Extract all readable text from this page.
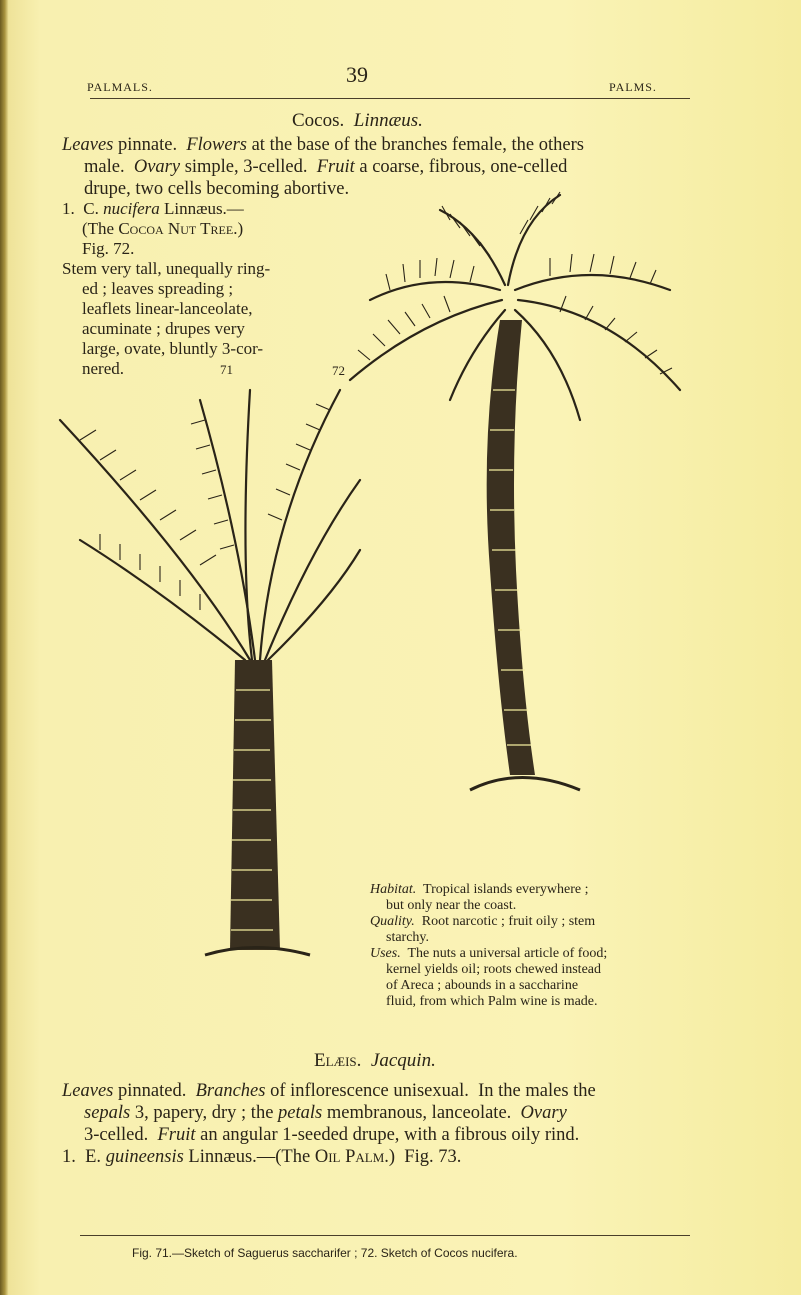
PALMALS.	39	PALMS.
Cocos. Linnæus.
Leaves pinnate.  Flowers at the base of the branches female, the others
male.  Ovary simple, 3-celled.  Fruit a coarse, fibrous, one-celled
drupe, two cells becoming abortive.
1.  C. nucifera Linnæus.—
(The Cocoa Nut Tree.)
Fig. 72.
Stem very tall, unequally ring-
ed ; leaves spreading ;
leaflets linear-lanceolate,
acuminate ; drupes very
large, ovate, bluntly 3-cor-
nered.	72
71
Habitat.  Tropical islands everywhere ;
but only near the coast.
Quality.  Root narcotic ; fruit oily ; stem
starchy.
Uses.  The nuts a universal article of food;
kernel yields oil; roots chewed instead
of Areca ; abounds in a saccharine
fluid, from which Palm wine is made.
Elæis. Jacquin.
Leaves pinnated.  Branches of inflorescence unisexual.  In the males the
sepals 3, papery, dry ; the petals membranous, lanceolate.  Ovary
3-celled.  Fruit an angular 1-seeded drupe, with a fibrous oily rind.
1.  E. guineensis Linnæus.—(The Oil Palm.)  Fig. 73.
Fig. 71.—Sketch of Saguerus saccharifer ; 72. Sketch of Cocos nucifera.
